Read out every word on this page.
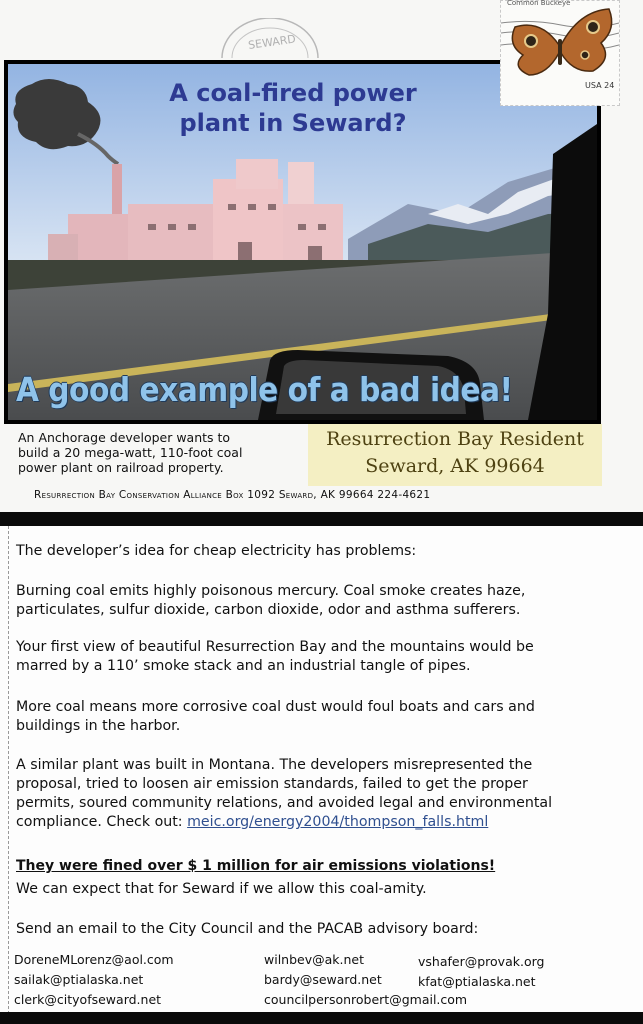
SEWARD
A coal-fired power
plant in Seward?
A good example of a bad idea!
Common Buckeye
USA 24
An Anchorage developer wants to
build a 20 mega-watt, 110-foot coal
power plant on railroad property.
Resurrection Bay Resident
Seward, AK 99664
Resurrection Bay Conservation Alliance Box 1092 Seward, AK 99664 224-4621
The developer’s idea for cheap electricity has problems:
Burning coal emits highly poisonous mercury. Coal smoke creates haze,
particulates, sulfur dioxide, carbon dioxide, odor and asthma sufferers.
Your first view of beautiful Resurrection Bay and the mountains would be
marred by a 110’ smoke stack and an industrial tangle of pipes.
More coal means more corrosive coal dust would foul boats and cars and
buildings in the harbor.
A similar plant was built in Montana. The developers misrepresented the
proposal, tried to loosen air emission standards, failed to get the proper
permits, soured community relations, and avoided legal and environmental
compliance. Check out: meic.org/energy2004/thompson_falls.html
They were fined over $ 1 million for air emissions violations!
We can expect that for Seward if we allow this coal-amity.
Send an email to the City Council and the PACAB advisory board:
DoreneMLorenz@aol.com
sailak@ptialaska.net
clerk@cityofseward.net
wilnbev@ak.net
bardy@seward.net
councilpersonrobert@gmail.com
vshafer@provak.org
kfat@ptialaska.net
